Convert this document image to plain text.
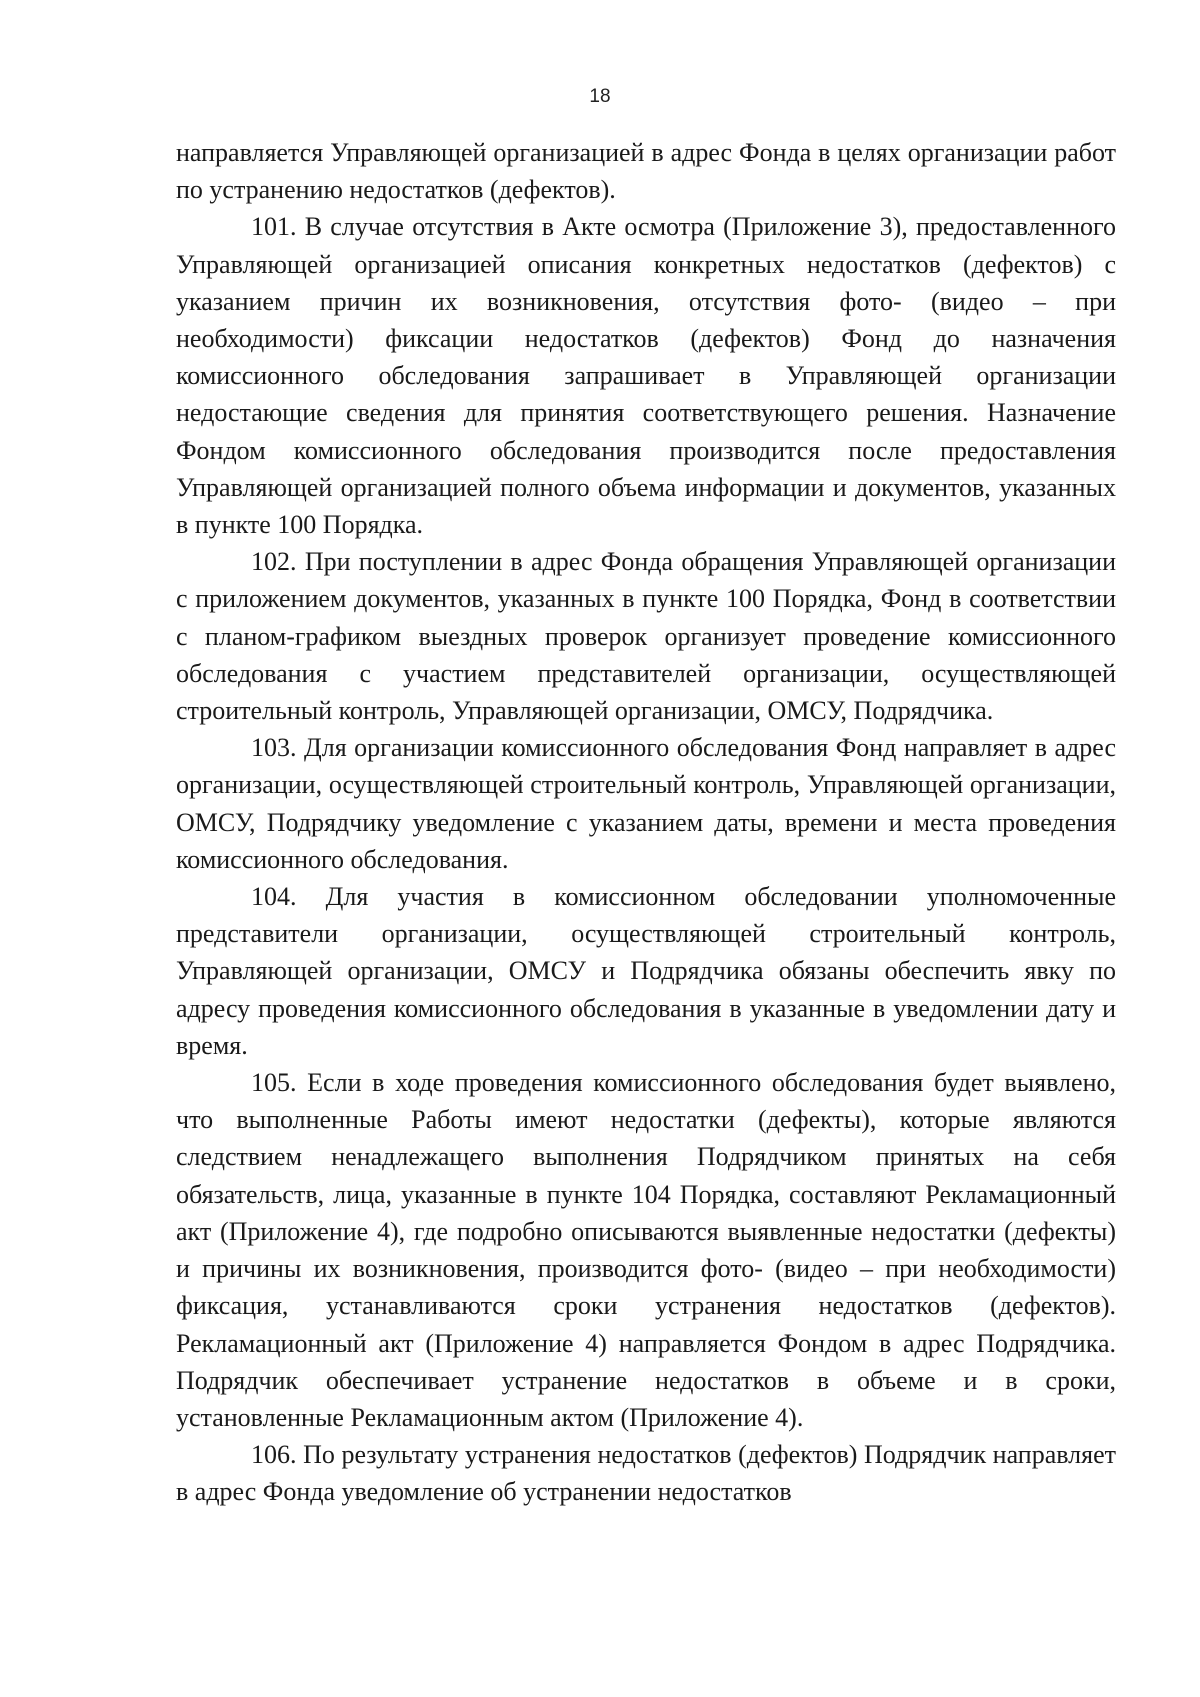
18

направляется Управляющей организацией в адрес Фонда в целях организации работ по устранению недостатков (дефектов).

101. В случае отсутствия в Акте осмотра (Приложение 3), предоставленного Управляющей организацией описания конкретных недостатков (дефектов) с указанием причин их возникновения, отсутствия фото- (видео – при необходимости) фиксации недостатков (дефектов) Фонд до назначения комиссионного обследования запрашивает в Управляющей организации недостающие сведения для принятия соответствующего решения. Назначение Фондом комиссионного обследования производится после предоставления Управляющей организацией полного объема информации и документов, указанных в пункте 100 Порядка.

102. При поступлении в адрес Фонда обращения Управляющей организации с приложением документов, указанных в пункте 100 Порядка, Фонд в соответствии с планом-графиком выездных проверок организует проведение комиссионного обследования с участием представителей организации, осуществляющей строительный контроль, Управляющей организации, ОМСУ, Подрядчика.

103. Для организации комиссионного обследования Фонд направляет в адрес организации, осуществляющей строительный контроль, Управляющей организации, ОМСУ, Подрядчику уведомление с указанием даты, времени и места проведения комиссионного обследования.

104. Для участия в комиссионном обследовании уполномоченные представители организации, осуществляющей строительный контроль, Управляющей организации, ОМСУ и Подрядчика обязаны обеспечить явку по адресу проведения комиссионного обследования в указанные в уведомлении дату и время.

105. Если в ходе проведения комиссионного обследования будет выявлено, что выполненные Работы имеют недостатки (дефекты), которые являются следствием ненадлежащего выполнения Подрядчиком принятых на себя обязательств, лица, указанные в пункте 104 Порядка, составляют Рекламационный акт (Приложение 4), где подробно описываются выявленные недостатки (дефекты) и причины их возникновения, производится фото- (видео – при необходимости) фиксация, устанавливаются сроки устранения недостатков (дефектов). Рекламационный акт (Приложение 4) направляется Фондом в адрес Подрядчика. Подрядчик обеспечивает устранение недостатков в объеме и в сроки, установленные Рекламационным актом (Приложение 4).

106. По результату устранения недостатков (дефектов) Подрядчик направляет в адрес Фонда уведомление об устранении недостатков
